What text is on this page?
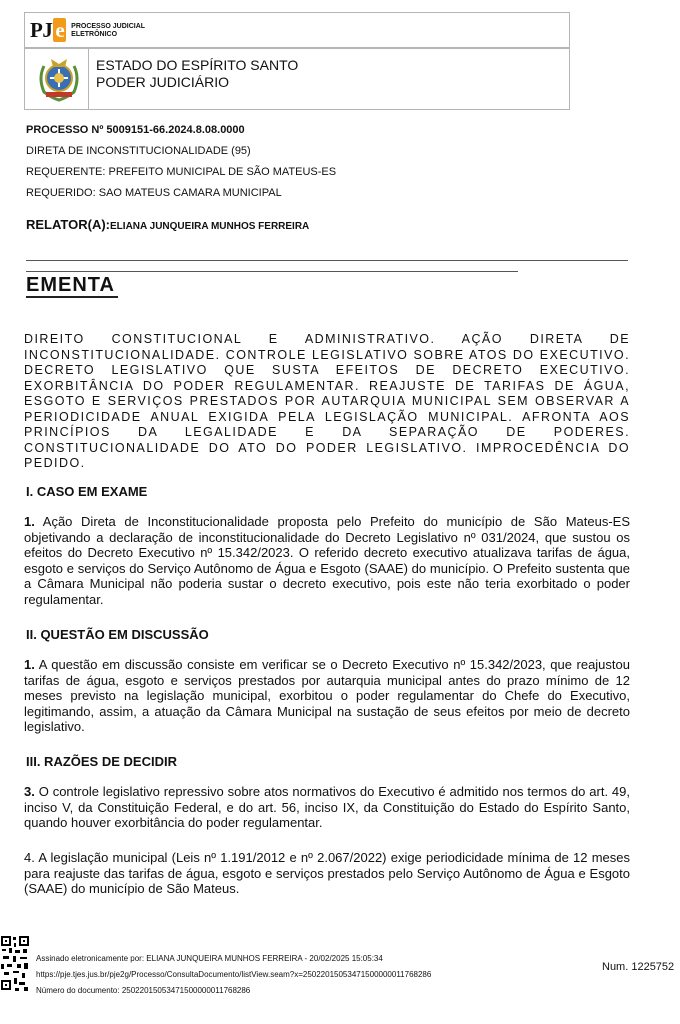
PJ e PROCESSO JUDICIAL
ELETRÔNICO
ESTADO DO ESPÍRITO SANTO
PODER JUDICIÁRIO
PROCESSO Nº 5009151-66.2024.8.08.0000
DIRETA DE INCONSTITUCIONALIDADE (95)
REQUERENTE: PREFEITO MUNICIPAL DE SÃO MATEUS-ES
REQUERIDO: SAO MATEUS CAMARA MUNICIPAL
RELATOR(A):ELIANA JUNQUEIRA MUNHOS FERREIRA
EMENTA
DIREITO CONSTITUCIONAL E ADMINISTRATIVO. AÇÃO DIRETA DE INCONSTITUCIONALIDADE. CONTROLE LEGISLATIVO SOBRE ATOS DO EXECUTIVO. DECRETO LEGISLATIVO QUE SUSTA EFEITOS DE DECRETO EXECUTIVO. EXORBITÂNCIA DO PODER REGULAMENTAR. REAJUSTE DE TARIFAS DE ÁGUA, ESGOTO E SERVIÇOS PRESTADOS POR AUTARQUIA MUNICIPAL SEM OBSERVAR A PERIODICIDADE ANUAL EXIGIDA PELA LEGISLAÇÃO MUNICIPAL. AFRONTA AOS PRINCÍPIOS DA LEGALIDADE E DA SEPARAÇÃO DE PODERES. CONSTITUCIONALIDADE DO ATO DO PODER LEGISLATIVO. IMPROCEDÊNCIA DO PEDIDO.
I. CASO EM EXAME
1. Ação Direta de Inconstitucionalidade proposta pelo Prefeito do município de São Mateus-ES objetivando a declaração de inconstitucionalidade do Decreto Legislativo nº 031/2024, que sustou os efeitos do Decreto Executivo nº 15.342/2023. O referido decreto executivo atualizava tarifas de água, esgoto e serviços do Serviço Autônomo de Água e Esgoto (SAAE) do município. O Prefeito sustenta que a Câmara Municipal não poderia sustar o decreto executivo, pois este não teria exorbitado o poder regulamentar.
II. QUESTÃO EM DISCUSSÃO
1. A questão em discussão consiste em verificar se o Decreto Executivo nº 15.342/2023, que reajustou tarifas de água, esgoto e serviços prestados por autarquia municipal antes do prazo mínimo de 12 meses previsto na legislação municipal, exorbitou o poder regulamentar do Chefe do Executivo, legitimando, assim, a atuação da Câmara Municipal na sustação de seus efeitos por meio de decreto legislativo.
III. RAZÕES DE DECIDIR
3. O controle legislativo repressivo sobre atos normativos do Executivo é admitido nos termos do art. 49, inciso V, da Constituição Federal, e do art. 56, inciso IX, da Constituição do Estado do Espírito Santo, quando houver exorbitância do poder regulamentar.
4. A legislação municipal (Leis nº 1.191/2012 e nº 2.067/2022) exige periodicidade mínima de 12 meses para reajuste das tarifas de água, esgoto e serviços prestados pelo Serviço Autônomo de Água e Esgoto (SAAE) do município de São Mateus.
Assinado eletronicamente por: ELIANA JUNQUEIRA MUNHOS FERREIRA - 20/02/2025 15:05:34
https://pje.tjes.jus.br/pje2g/Processo/ConsultaDocumento/listView.seam?x=25022015053471500000011768286
Número do documento: 25022015053471500000011768286
Num. 1225752
